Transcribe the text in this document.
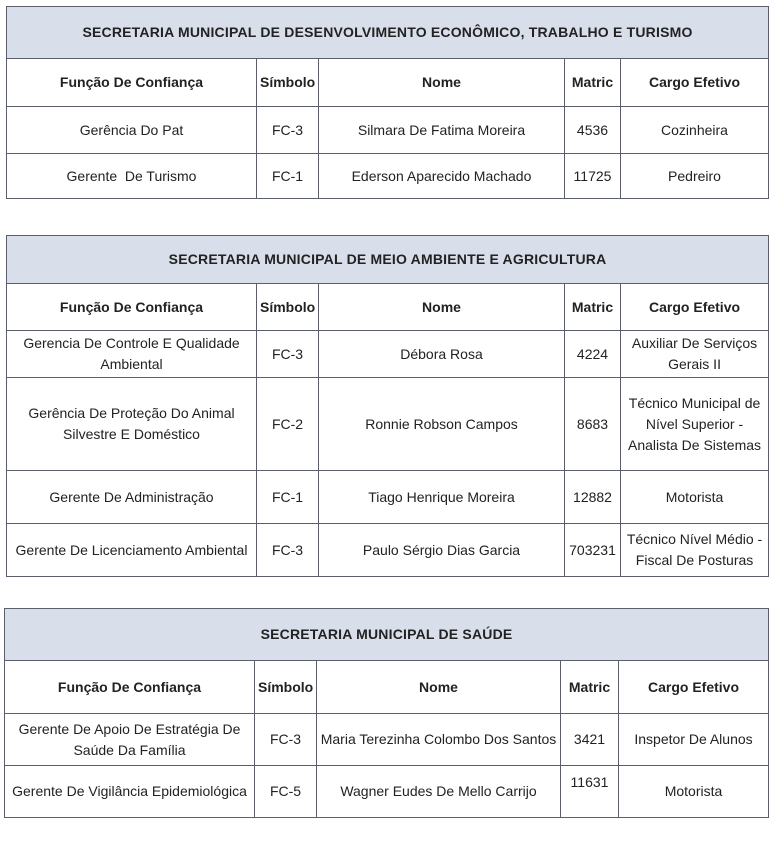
SECRETARIA MUNICIPAL DE DESENVOLVIMENTO ECONÔMICO, TRABALHO E TURISMO				
Função De Confiança	Símbolo	Nome	Matric	Cargo Efetivo
Gerência Do Pat	FC-3	Silmara De Fatima Moreira	4536	Cozinheira
Gerente  De Turismo	FC-1	Ederson Aparecido Machado	11725	Pedreiro
SECRETARIA MUNICIPAL DE MEIO AMBIENTE E AGRICULTURA				
Função De Confiança	Símbolo	Nome	Matric	Cargo Efetivo
Gerencia De Controle E Qualidade Ambiental	FC-3	Débora Rosa	4224	Auxiliar De Serviços Gerais II
Gerência De Proteção Do Animal Silvestre E Doméstico	FC-2	Ronnie Robson Campos	8683	Técnico Municipal de Nível Superior - Analista De Sistemas
Gerente De Administração	FC-1	Tiago Henrique Moreira	12882	Motorista
Gerente De Licenciamento Ambiental	FC-3	Paulo Sérgio Dias Garcia	703231	Técnico Nível Médio - Fiscal De Posturas
SECRETARIA MUNICIPAL DE SAÚDE				
Função De Confiança	Símbolo	Nome	Matric	Cargo Efetivo
Gerente De Apoio De Estratégia De Saúde Da Família	FC-3	Maria Terezinha Colombo Dos Santos	3421	Inspetor De Alunos
Gerente De Vigilância Epidemiológica	FC-5	Wagner Eudes De Mello Carrijo	11631	Motorista
